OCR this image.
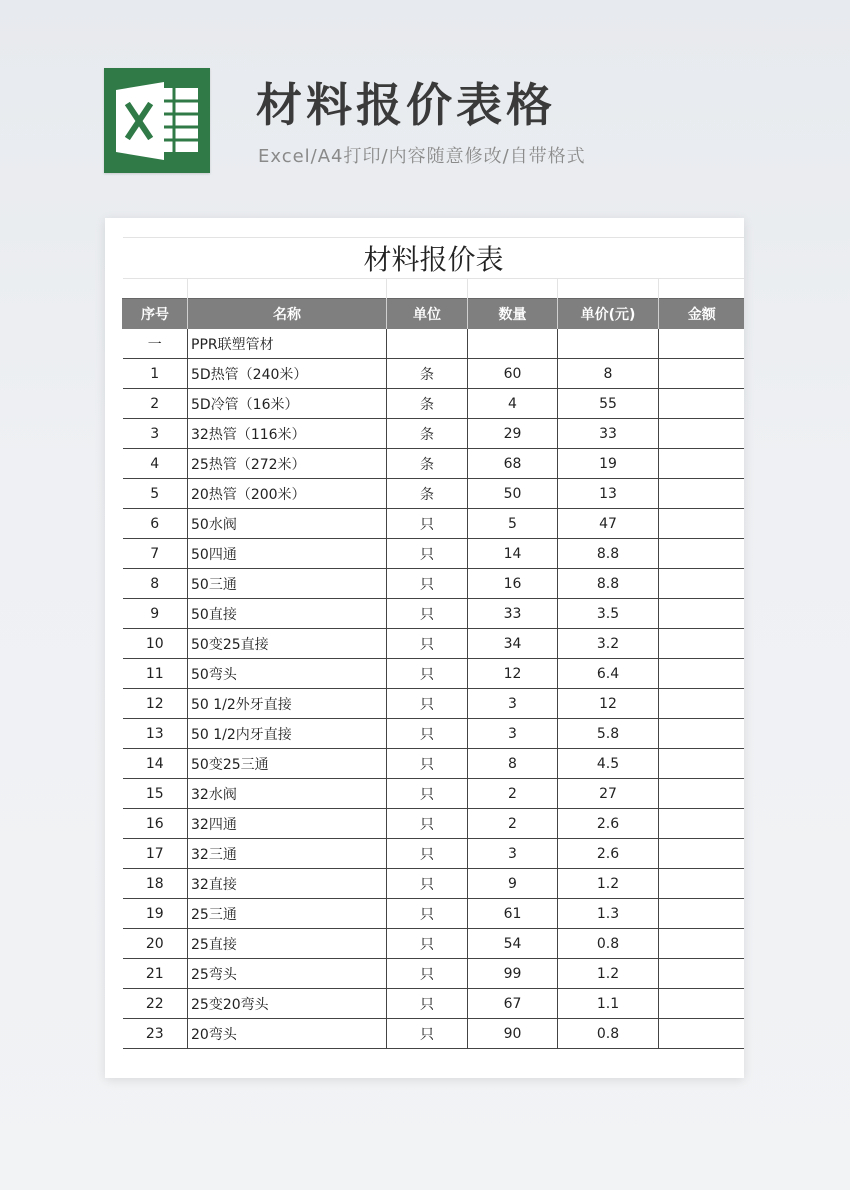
材料报价表格
Excel/A4打印/内容随意修改/自带格式
材料报价表					

序号	名称	单位	数量	单价(元)	金额
一	PPR联塑管材				
1	5D热管（240米）	条	60	8	
2	5D冷管（16米）	条	4	55	
3	32热管（116米）	条	29	33	
4	25热管（272米）	条	68	19	
5	20热管（200米）	条	50	13	
6	50水阀	只	5	47	
7	50四通	只	14	8.8	
8	50三通	只	16	8.8	
9	50直接	只	33	3.5	
10	50变25直接	只	34	3.2	
11	50弯头	只	12	6.4	
12	50 1/2外牙直接	只	3	12	
13	50 1/2内牙直接	只	3	5.8	
14	50变25三通	只	8	4.5	
15	32水阀	只	2	27	
16	32四通	只	2	2.6	
17	32三通	只	3	2.6	
18	32直接	只	9	1.2	
19	25三通	只	61	1.3	
20	25直接	只	54	0.8	
21	25弯头	只	99	1.2	
22	25变20弯头	只	67	1.1	
23	20弯头	只	90	0.8	
